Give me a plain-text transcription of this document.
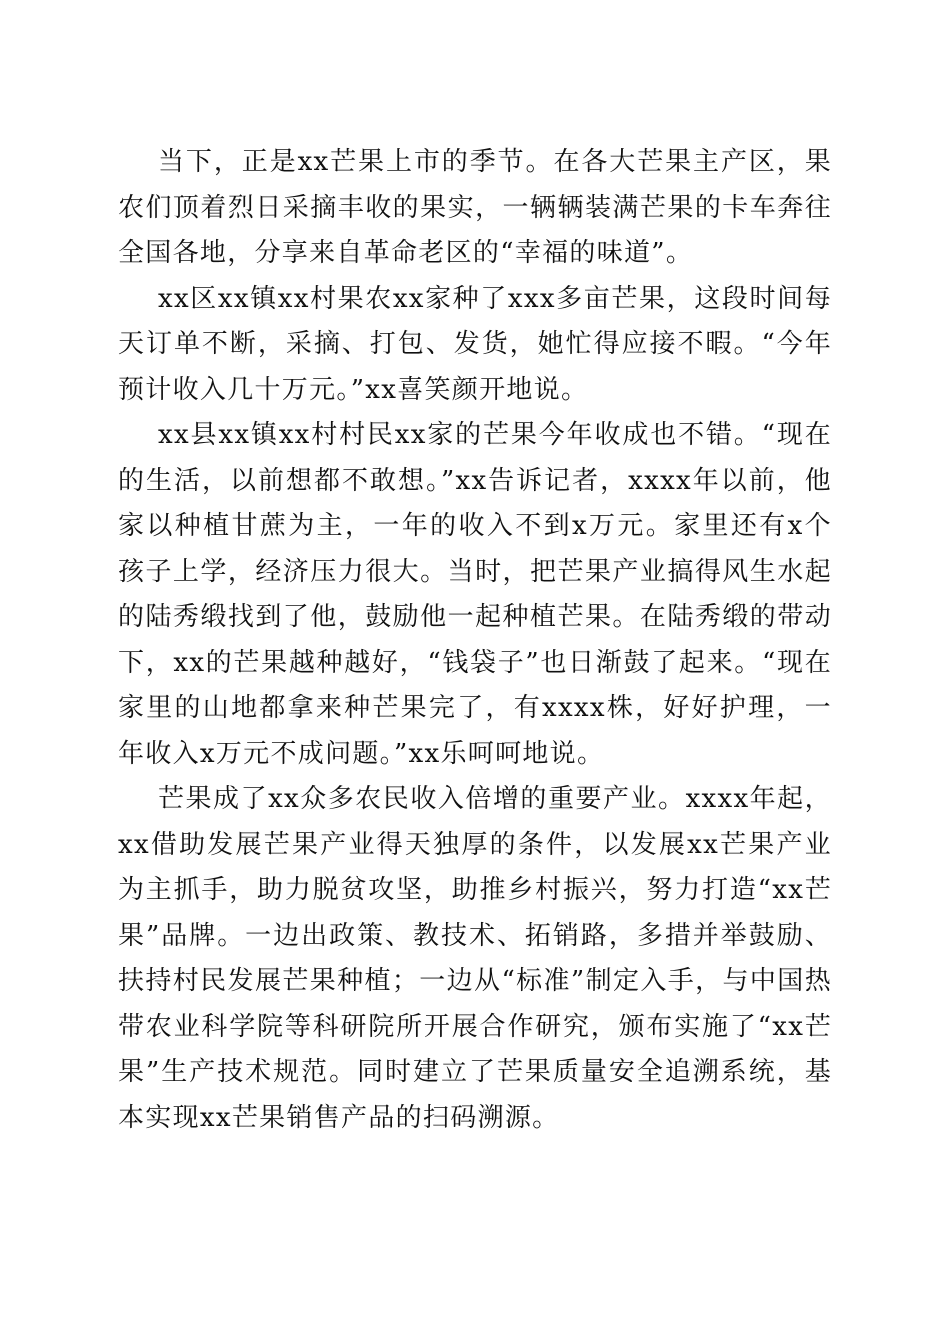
当下，正是xx芒果上市的季节。在各大芒果主产区，果农们顶着烈日采摘丰收的果实，一辆辆装满芒果的卡车奔往全国各地，分享来自革命老区的“幸福的味道”。

xx区xx镇xx村果农xx家种了xxx多亩芒果，这段时间每天订单不断，采摘、打包、发货，她忙得应接不暇。“今年预计收入几十万元。”xx喜笑颜开地说。

xx县xx镇xx村村民xx家的芒果今年收成也不错。“现在的生活，以前想都不敢想。”xx告诉记者，xxxx年以前，他家以种植甘蔗为主，一年的收入不到x万元。家里还有x个孩子上学，经济压力很大。当时，把芒果产业搞得风生水起的陆秀缎找到了他，鼓励他一起种植芒果。在陆秀缎的带动下，xx的芒果越种越好，“钱袋子”也日渐鼓了起来。“现在家里的山地都拿来种芒果完了，有xxxx株，好好护理，一年收入x万元不成问题。”xx乐呵呵地说。

芒果成了xx众多农民收入倍增的重要产业。xxxx年起，xx借助发展芒果产业得天独厚的条件，以发展xx芒果产业为主抓手，助力脱贫攻坚，助推乡村振兴，努力打造“xx芒果”品牌。一边出政策、教技术、拓销路，多措并举鼓励、扶持村民发展芒果种植；一边从“标准”制定入手，与中国热带农业科学院等科研院所开展合作研究，颁布实施了“xx芒果”生产技术规范。同时建立了芒果质量安全追溯系统，基本实现xx芒果销售产品的扫码溯源。
